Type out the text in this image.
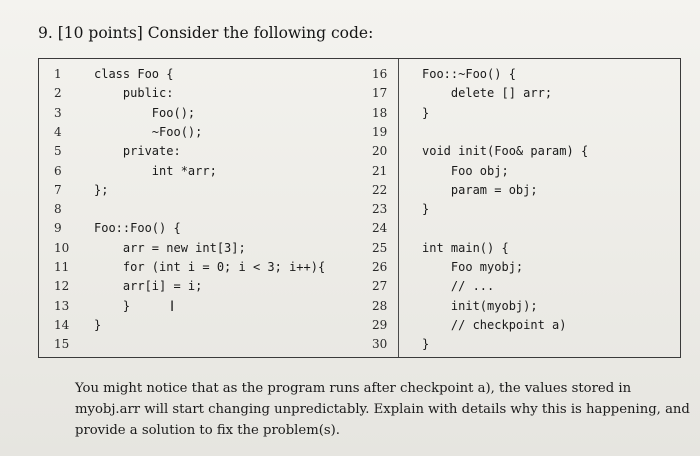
9. [10 points] Consider the following code:
1	class Foo {
2	public:
3	Foo();
4	~Foo();
5	private:
6	int *arr;
7	};
8
9	Foo::Foo() {
10 arr = new int[3];
11 for (int i = 0; i < 3; i++){
12 arr[i] = i;
13 }
14 }
15
16	Foo::~Foo() {
17	delete [] arr;
18	}
19
20	void init(Foo& param) {
21	Foo obj;
22	param = obj;
23	}
24
25	int main() {
26	Foo myobj;
27	// ...
28	init(myobj);
29	// checkpoint a)
30	}
I
You might notice that as the program runs after checkpoint a), the values stored in myobj.arr will start changing unpredictably. Explain with details why this is happening, and provide a solution to fix the problem(s).
